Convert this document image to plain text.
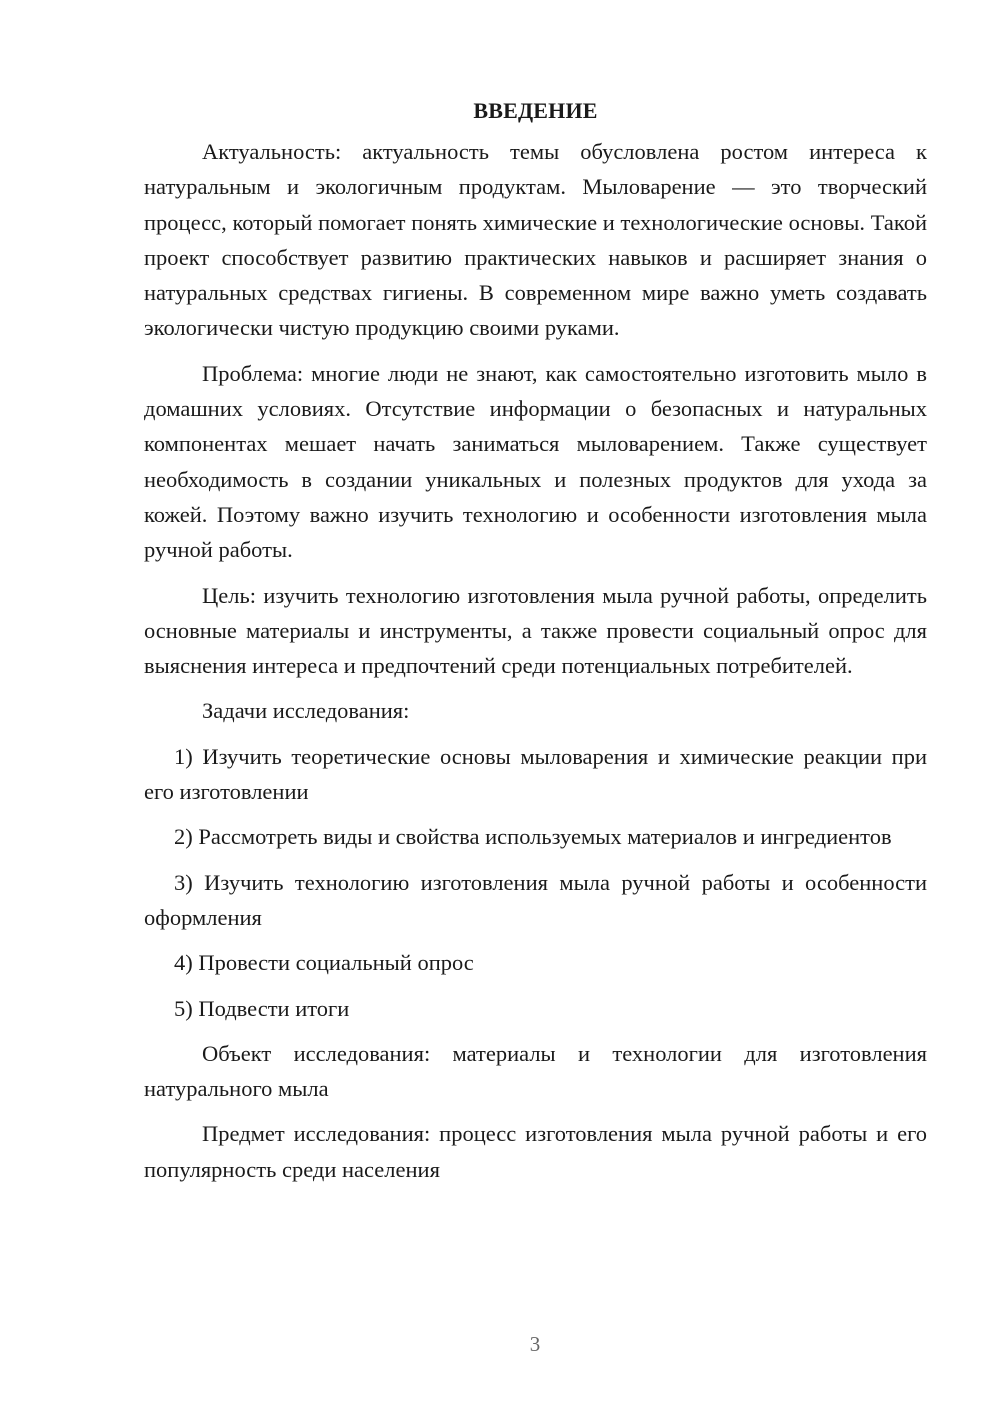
ВВЕДЕНИЕ

Актуальность: актуальность темы обусловлена ростом интереса к натуральным и экологичным продуктам. Мыловарение — это творческий процесс, который помогает понять химические и технологические основы. Такой проект способствует развитию практических навыков и расширяет знания о натуральных средствах гигиены. В современном мире важно уметь создавать экологически чистую продукцию своими руками.

Проблема: многие люди не знают, как самостоятельно изготовить мыло в домашних условиях. Отсутствие информации о безопасных и натуральных компонентах мешает начать заниматься мыловарением. Также существует необходимость в создании уникальных и полезных продуктов для ухода за кожей. Поэтому важно изучить технологию и особенности изготовления мыла ручной работы.

Цель: изучить технологию изготовления мыла ручной работы, определить основные материалы и инструменты, а также провести социальный опрос для выяснения интереса и предпочтений среди потенциальных потребителей.

Задачи исследования:

1) Изучить теоретические основы мыловарения и химические реакции при его изготовлении

2) Рассмотреть виды и свойства используемых материалов и ингредиентов

3) Изучить технологию изготовления мыла ручной работы и особенности оформления

4) Провести социальный опрос

5) Подвести итоги

Объект исследования: материалы и технологии для изготовления натурального мыла

Предмет исследования: процесс изготовления мыла ручной работы и его популярность среди населения

3
